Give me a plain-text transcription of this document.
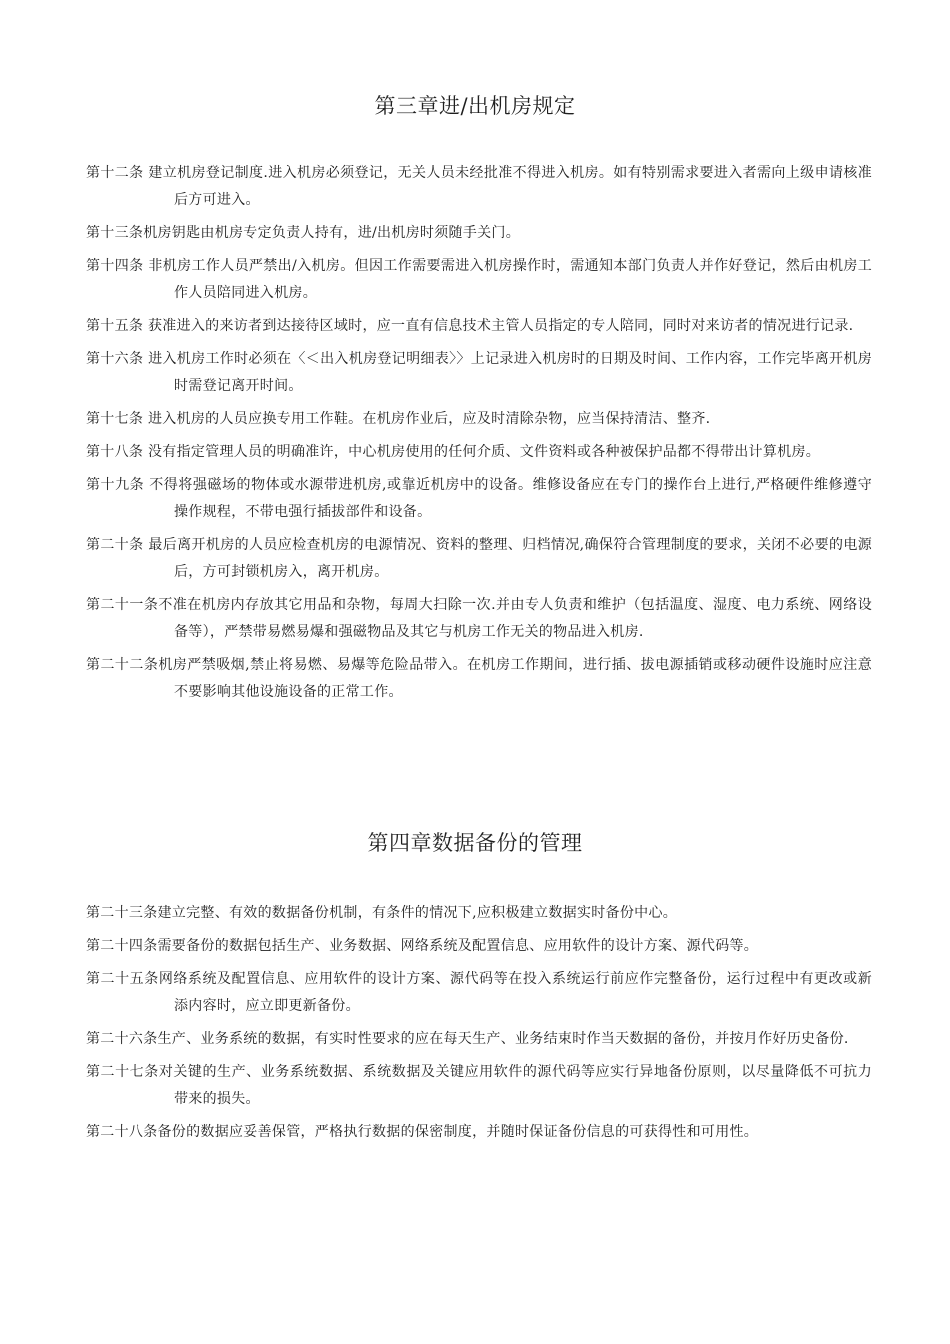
第三章进/出机房规定

第十二条 建立机房登记制度.进入机房必须登记，无关人员未经批准不得进入机房。如有特别需求要进入者需向上级申请核准后方可进入。

第十三条机房钥匙由机房专定负责人持有，进/出机房时须随手关门。

第十四条 非机房工作人员严禁出/入机房。但因工作需要需进入机房操作时，需通知本部门负责人并作好登记，然后由机房工作人员陪同进入机房。

第十五条 获准进入的来访者到达接待区域时，应一直有信息技术主管人员指定的专人陪同，同时对来访者的情况进行记录.

第十六条 进入机房工作时必须在〈＜出入机房登记明细表〉〉上记录进入机房时的日期及时间、工作内容，工作完毕离开机房时需登记离开时间。

第十七条 进入机房的人员应换专用工作鞋。在机房作业后，应及时清除杂物，应当保持清洁、整齐.

第十八条 没有指定管理人员的明确准许，中心机房使用的任何介质、文件资料或各种被保护品都不得带出计算机房。

第十九条 不得将强磁场的物体或水源带进机房,或靠近机房中的设备。维修设备应在专门的操作台上进行,严格硬件维修遵守操作规程，不带电强行插拔部件和设备。

第二十条 最后离开机房的人员应检查机房的电源情况、资料的整理、归档情况,确保符合管理制度的要求，关闭不必要的电源后，方可封锁机房入，离开机房。

第二十一条不准在机房内存放其它用品和杂物，每周大扫除一次.并由专人负责和维护（包括温度、湿度、电力系统、网络设备等），严禁带易燃易爆和强磁物品及其它与机房工作无关的物品进入机房.

第二十二条机房严禁吸烟,禁止将易燃、易爆等危险品带入。在机房工作期间，进行插、拔电源插销或移动硬件设施时应注意不要影响其他设施设备的正常工作。

第四章数据备份的管理

第二十三条建立完整、有效的数据备份机制，有条件的情况下,应积极建立数据实时备份中心。

第二十四条需要备份的数据包括生产、业务数据、网络系统及配置信息、应用软件的设计方案、源代码等。

第二十五条网络系统及配置信息、应用软件的设计方案、源代码等在投入系统运行前应作完整备份，运行过程中有更改或新添内容时，应立即更新备份。

第二十六条生产、业务系统的数据，有实时性要求的应在每天生产、业务结束时作当天数据的备份，并按月作好历史备份.

第二十七条对关键的生产、业务系统数据、系统数据及关键应用软件的源代码等应实行异地备份原则，以尽量降低不可抗力带来的损失。

第二十八条备份的数据应妥善保管，严格执行数据的保密制度，并随时保证备份信息的可获得性和可用性。
